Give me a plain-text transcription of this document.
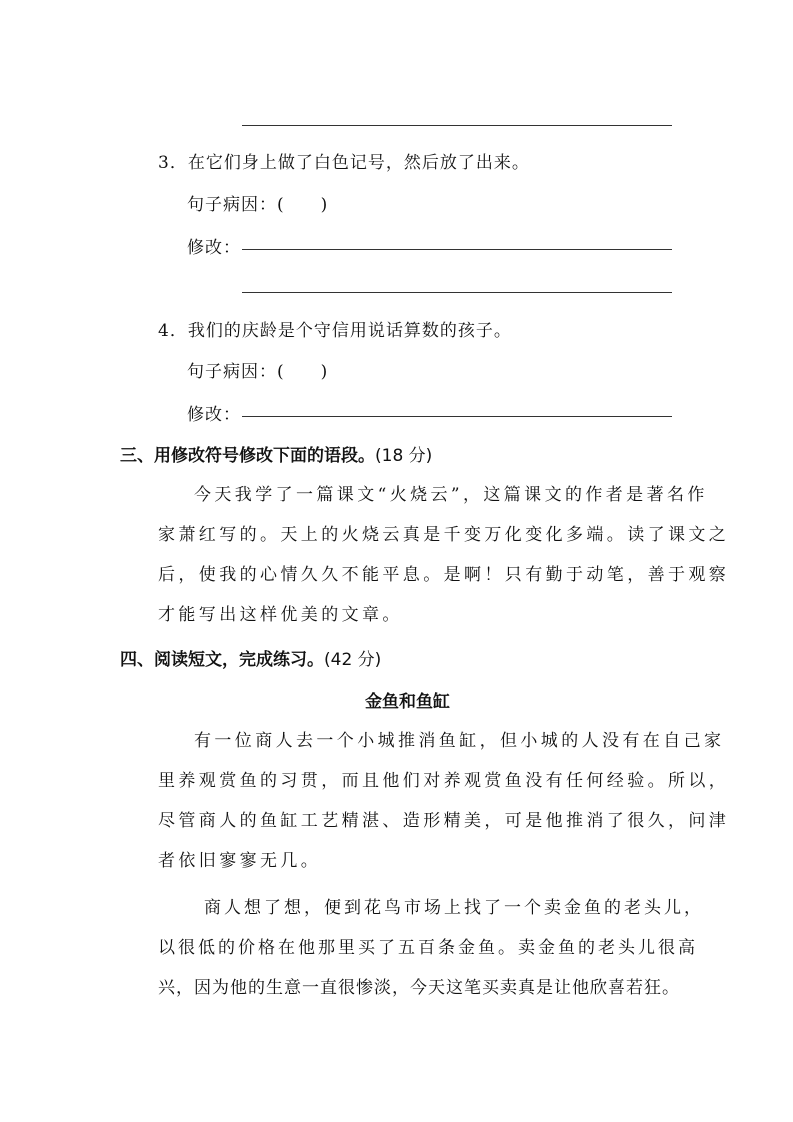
3．在它们身上做了白色记号，然后放了出来。
句子病因：(　　)
修改：
4．我们的庆龄是个守信用说话算数的孩子。
句子病因：(　　)
修改：
三、用修改符号修改下面的语段。(18 分)
今天我学了一篇课文“火烧云”，这篇课文的作者是著名作
家萧红写的。天上的火烧云真是千变万化变化多端。读了课文之
后，使我的心情久久不能平息。是啊！只有勤于动笔，善于观察
才能写出这样优美的文章。
四、阅读短文，完成练习。(42 分)
金鱼和鱼缸
有一位商人去一个小城推消鱼缸，但小城的人没有在自己家
里养观赏鱼的习贯，而且他们对养观赏鱼没有任何经验。所以，
尽管商人的鱼缸工艺精湛、造形精美，可是他推消了很久，问津
者依旧寥寥无几。
商人想了想，便到花鸟市场上找了一个卖金鱼的老头儿，
以很低的价格在他那里买了五百条金鱼。卖金鱼的老头儿很高
兴，因为他的生意一直很惨淡，今天这笔买卖真是让他欣喜若狂。
